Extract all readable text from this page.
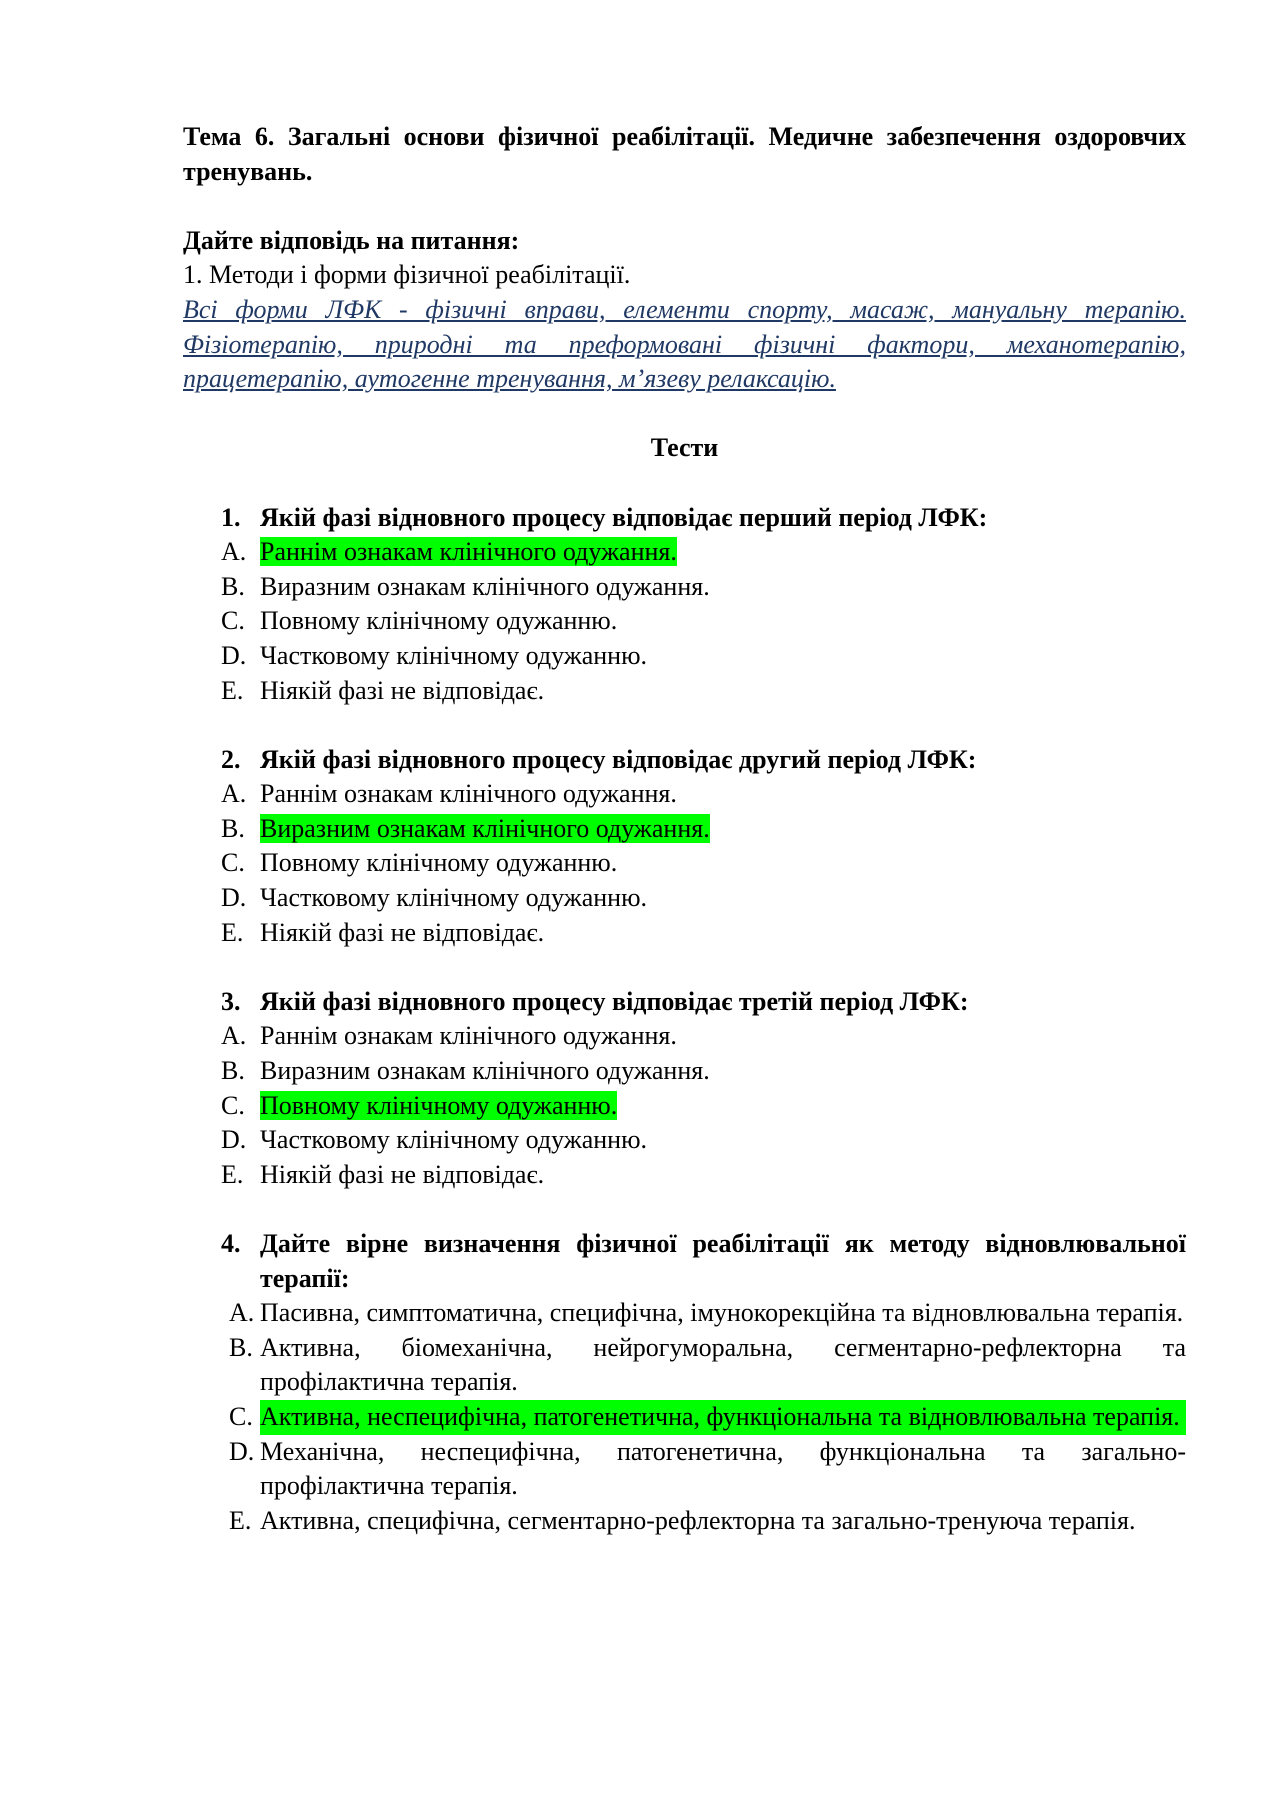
Тема 6. Загальні основи фізичної реабілітації. Медичне забезпечення оздоровчих тренувань.

Дайте відповідь на питання:

1. Методи і форми фізичної реабілітації.

Всі форми ЛФК - фізичні вправи, елементи спорту, масаж, мануальну терапію. Фізіотерапію, природні та преформовані фізичні фактори, механотерапію, працетерапію, аутогенне тренування, м’язеву релаксацію.

Тести

1. Якій фазі відновного процесу відповідає перший період ЛФК:
A. Раннім ознакам клінічного одужання.
B. Виразним ознакам клінічного одужання.
C. Повному клінічному одужанню.
D. Частковому клінічному одужанню.
E. Ніякій фазі не відповідає.
2. Якій фазі відновного процесу відповідає другий період ЛФК:
A. Раннім ознакам клінічного одужання.
B. Виразним ознакам клінічного одужання.
C. Повному клінічному одужанню.
D. Частковому клінічному одужанню.
E. Ніякій фазі не відповідає.
3. Якій фазі відновного процесу відповідає третій період ЛФК:
A. Раннім ознакам клінічного одужання.
B. Виразним ознакам клінічного одужання.
C. Повному клінічному одужанню.
D. Частковому клінічному одужанню.
E. Ніякій фазі не відповідає.
4. Дайте вірне визначення фізичної реабілітації як методу відновлювальної терапії:
A. Пасивна, симптоматична, специфічна, імунокорекційна та відновлювальна терапія.
B. Активна, біомеханічна, нейрогуморальна, сегментарно-рефлекторна та профілактична терапія.
C. Активна, неспецифічна, патогенетична, функціональна та відновлювальна терапія.
D. Механічна, неспецифічна, патогенетична, функціональна та загально-профілактична терапія.
E. Активна, специфічна, сегментарно-рефлекторна та загально-тренуюча терапія.
